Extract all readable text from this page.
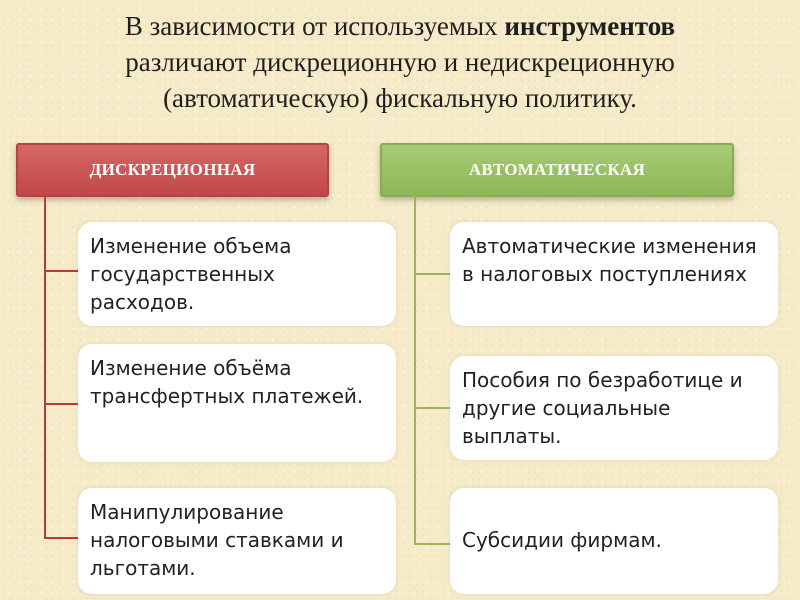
В зависимости от используемых инструментов
различают дискреционную и недискреционную (автоматическую) фискальную политику.
ДИСКРЕЦИОННАЯ
Изменение объема государственных расходов.
Изменение объёма трансфертных платежей.
Манипулирование налоговыми ставками и льготами.
АВТОМАТИЧЕСКАЯ
Автоматические изменения в налоговых поступлениях
Пособия по безработице и другие социальные выплаты.
Субсидии фирмам.
